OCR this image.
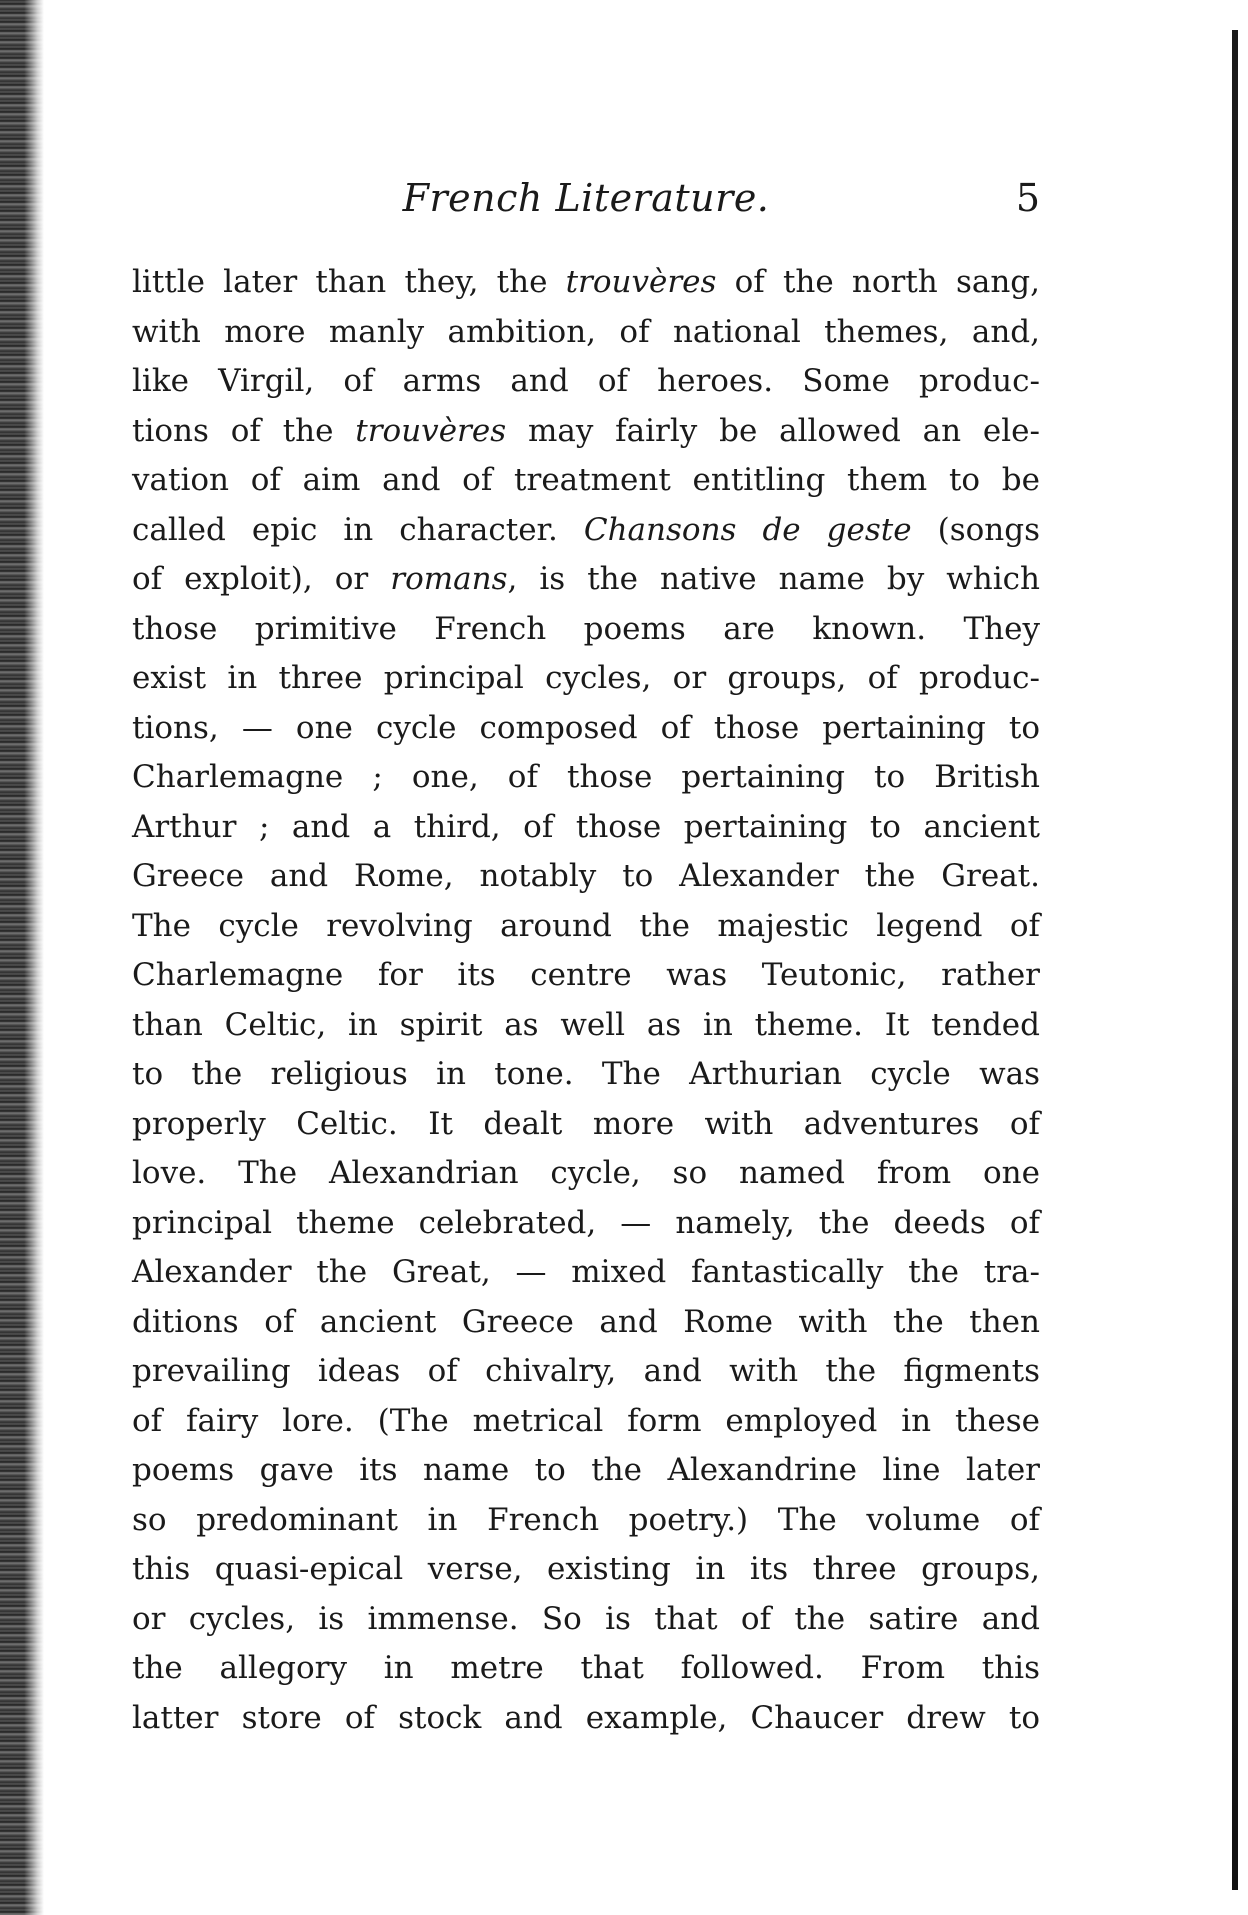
French Literature.	5
little later than they, the trouvères of the north sang,
with more manly ambition, of national themes, and,
like Virgil, of arms and of heroes. Some produc-
tions of the trouvères may fairly be allowed an ele-
vation of aim and of treatment entitling them to be
called epic in character. Chansons de geste (songs
of exploit), or romans, is the native name by which
those primitive French poems are known. They
exist in three principal cycles, or groups, of produc-
tions, — one cycle composed of those pertaining to
Charlemagne ; one, of those pertaining to British
Arthur ; and a third, of those pertaining to ancient
Greece and Rome, notably to Alexander the Great.
The cycle revolving around the majestic legend of
Charlemagne for its centre was Teutonic, rather
than Celtic, in spirit as well as in theme. It tended
to the religious in tone. The Arthurian cycle was
properly Celtic. It dealt more with adventures of
love. The Alexandrian cycle, so named from one
principal theme celebrated, — namely, the deeds of
Alexander the Great, — mixed fantastically the tra-
ditions of ancient Greece and Rome with the then
prevailing ideas of chivalry, and with the figments
of fairy lore. (The metrical form employed in these
poems gave its name to the Alexandrine line later
so predominant in French poetry.) The volume of
this quasi-epical verse, existing in its three groups,
or cycles, is immense. So is that of the satire and
the allegory in metre that followed. From this
latter store of stock and example, Chaucer drew to
